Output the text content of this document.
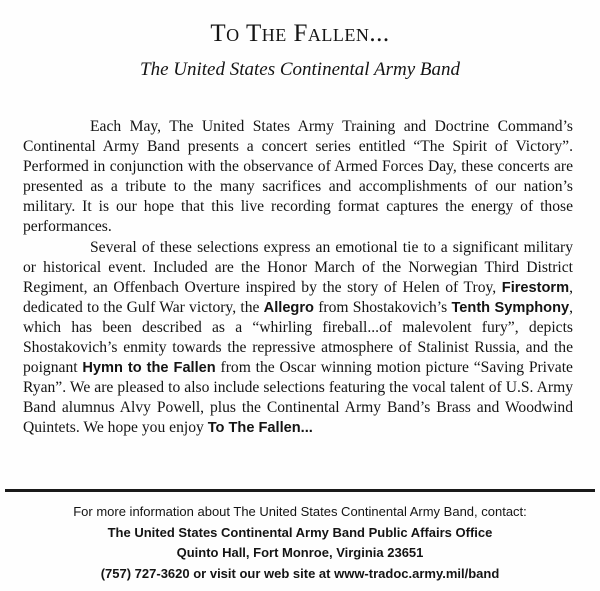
To The Fallen...
The United States Continental Army Band

Each May, The United States Army Training and Doctrine Command’s Continental Army Band presents a concert series entitled “The Spirit of Victory”. Performed in conjunction with the observance of Armed Forces Day, these concerts are presented as a tribute to the many sacrifices and accomplishments of our nation’s military. It is our hope that this live recording format captures the energy of those performances.

Several of these selections express an emotional tie to a significant military or historical event. Included are the Honor March of the Norwegian Third District Regiment, an Offenbach Overture inspired by the story of Helen of Troy, Firestorm, dedicated to the Gulf War victory, the Allegro from Shostakovich’s Tenth Symphony, which has been described as a “whirling fireball...of malevolent fury”, depicts Shostakovich’s enmity towards the repressive atmosphere of Stalinist Russia, and the poignant Hymn to the Fallen from the Oscar winning motion picture “Saving Private Ryan”. We are pleased to also include selections featuring the vocal talent of U.S. Army Band alumnus Alvy Powell, plus the Continental Army Band’s Brass and Woodwind Quintets. We hope you enjoy To The Fallen...

For more information about The United States Continental Army Band, contact:
The United States Continental Army Band Public Affairs Office
Quinto Hall, Fort Monroe, Virginia 23651
(757) 727-3620 or visit our web site at www-tradoc.army.mil/band
